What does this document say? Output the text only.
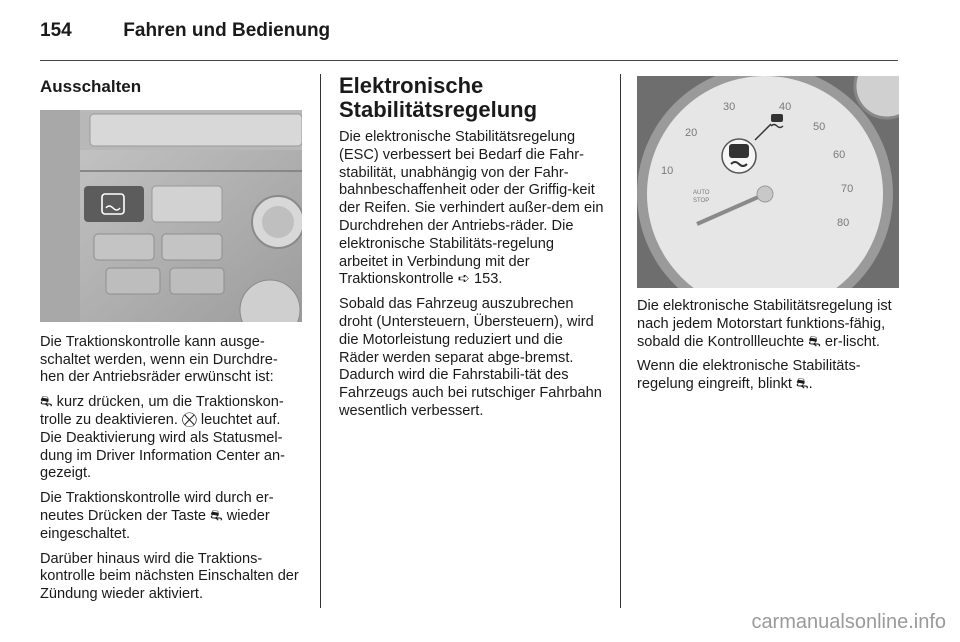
154	Fahren und Bedienung
Ausschalten

Die Traktionskontrolle kann ausge-schaltet werden, wenn ein Durchdre-hen der Antriebsräder erwünscht ist:

⛐ kurz drücken, um die Traktionskon-trolle zu deaktivieren. ⛒ leuchtet auf. Die Deaktivierung wird als Statusmel-dung im Driver Information Center an-gezeigt.

Die Traktionskontrolle wird durch er-neutes Drücken der Taste ⛐ wieder eingeschaltet.

Darüber hinaus wird die Traktions-kontrolle beim nächsten Einschalten der Zündung wieder aktiviert.

Elektronische Stabilitätsregelung

Die elektronische Stabilitätsregelung (ESC) verbessert bei Bedarf die Fahr-stabilität, unabhängig von der Fahr-bahnbeschaffenheit oder der Griffig-keit der Reifen. Sie verhindert außer-dem ein Durchdrehen der Antriebs-räder. Die elektronische Stabilitäts-regelung arbeitet in Verbindung mit der Traktionskontrolle ➪ 153.

Sobald das Fahrzeug auszubrechen droht (Untersteuern, Übersteuern), wird die Motorleistung reduziert und die Räder werden separat abge-bremst. Dadurch wird die Fahrstabili-tät des Fahrzeugs auch bei rutschiger Fahrbahn wesentlich verbessert.

10
20
30	40
50
60
70
80
AUTO
STOP

Die elektronische Stabilitätsregelung ist nach jedem Motorstart funktions-fähig, sobald die Kontrollleuchte ⛐ er-lischt.

Wenn die elektronische Stabilitäts-regelung eingreift, blinkt ⛐.

carmanualsonline.info
